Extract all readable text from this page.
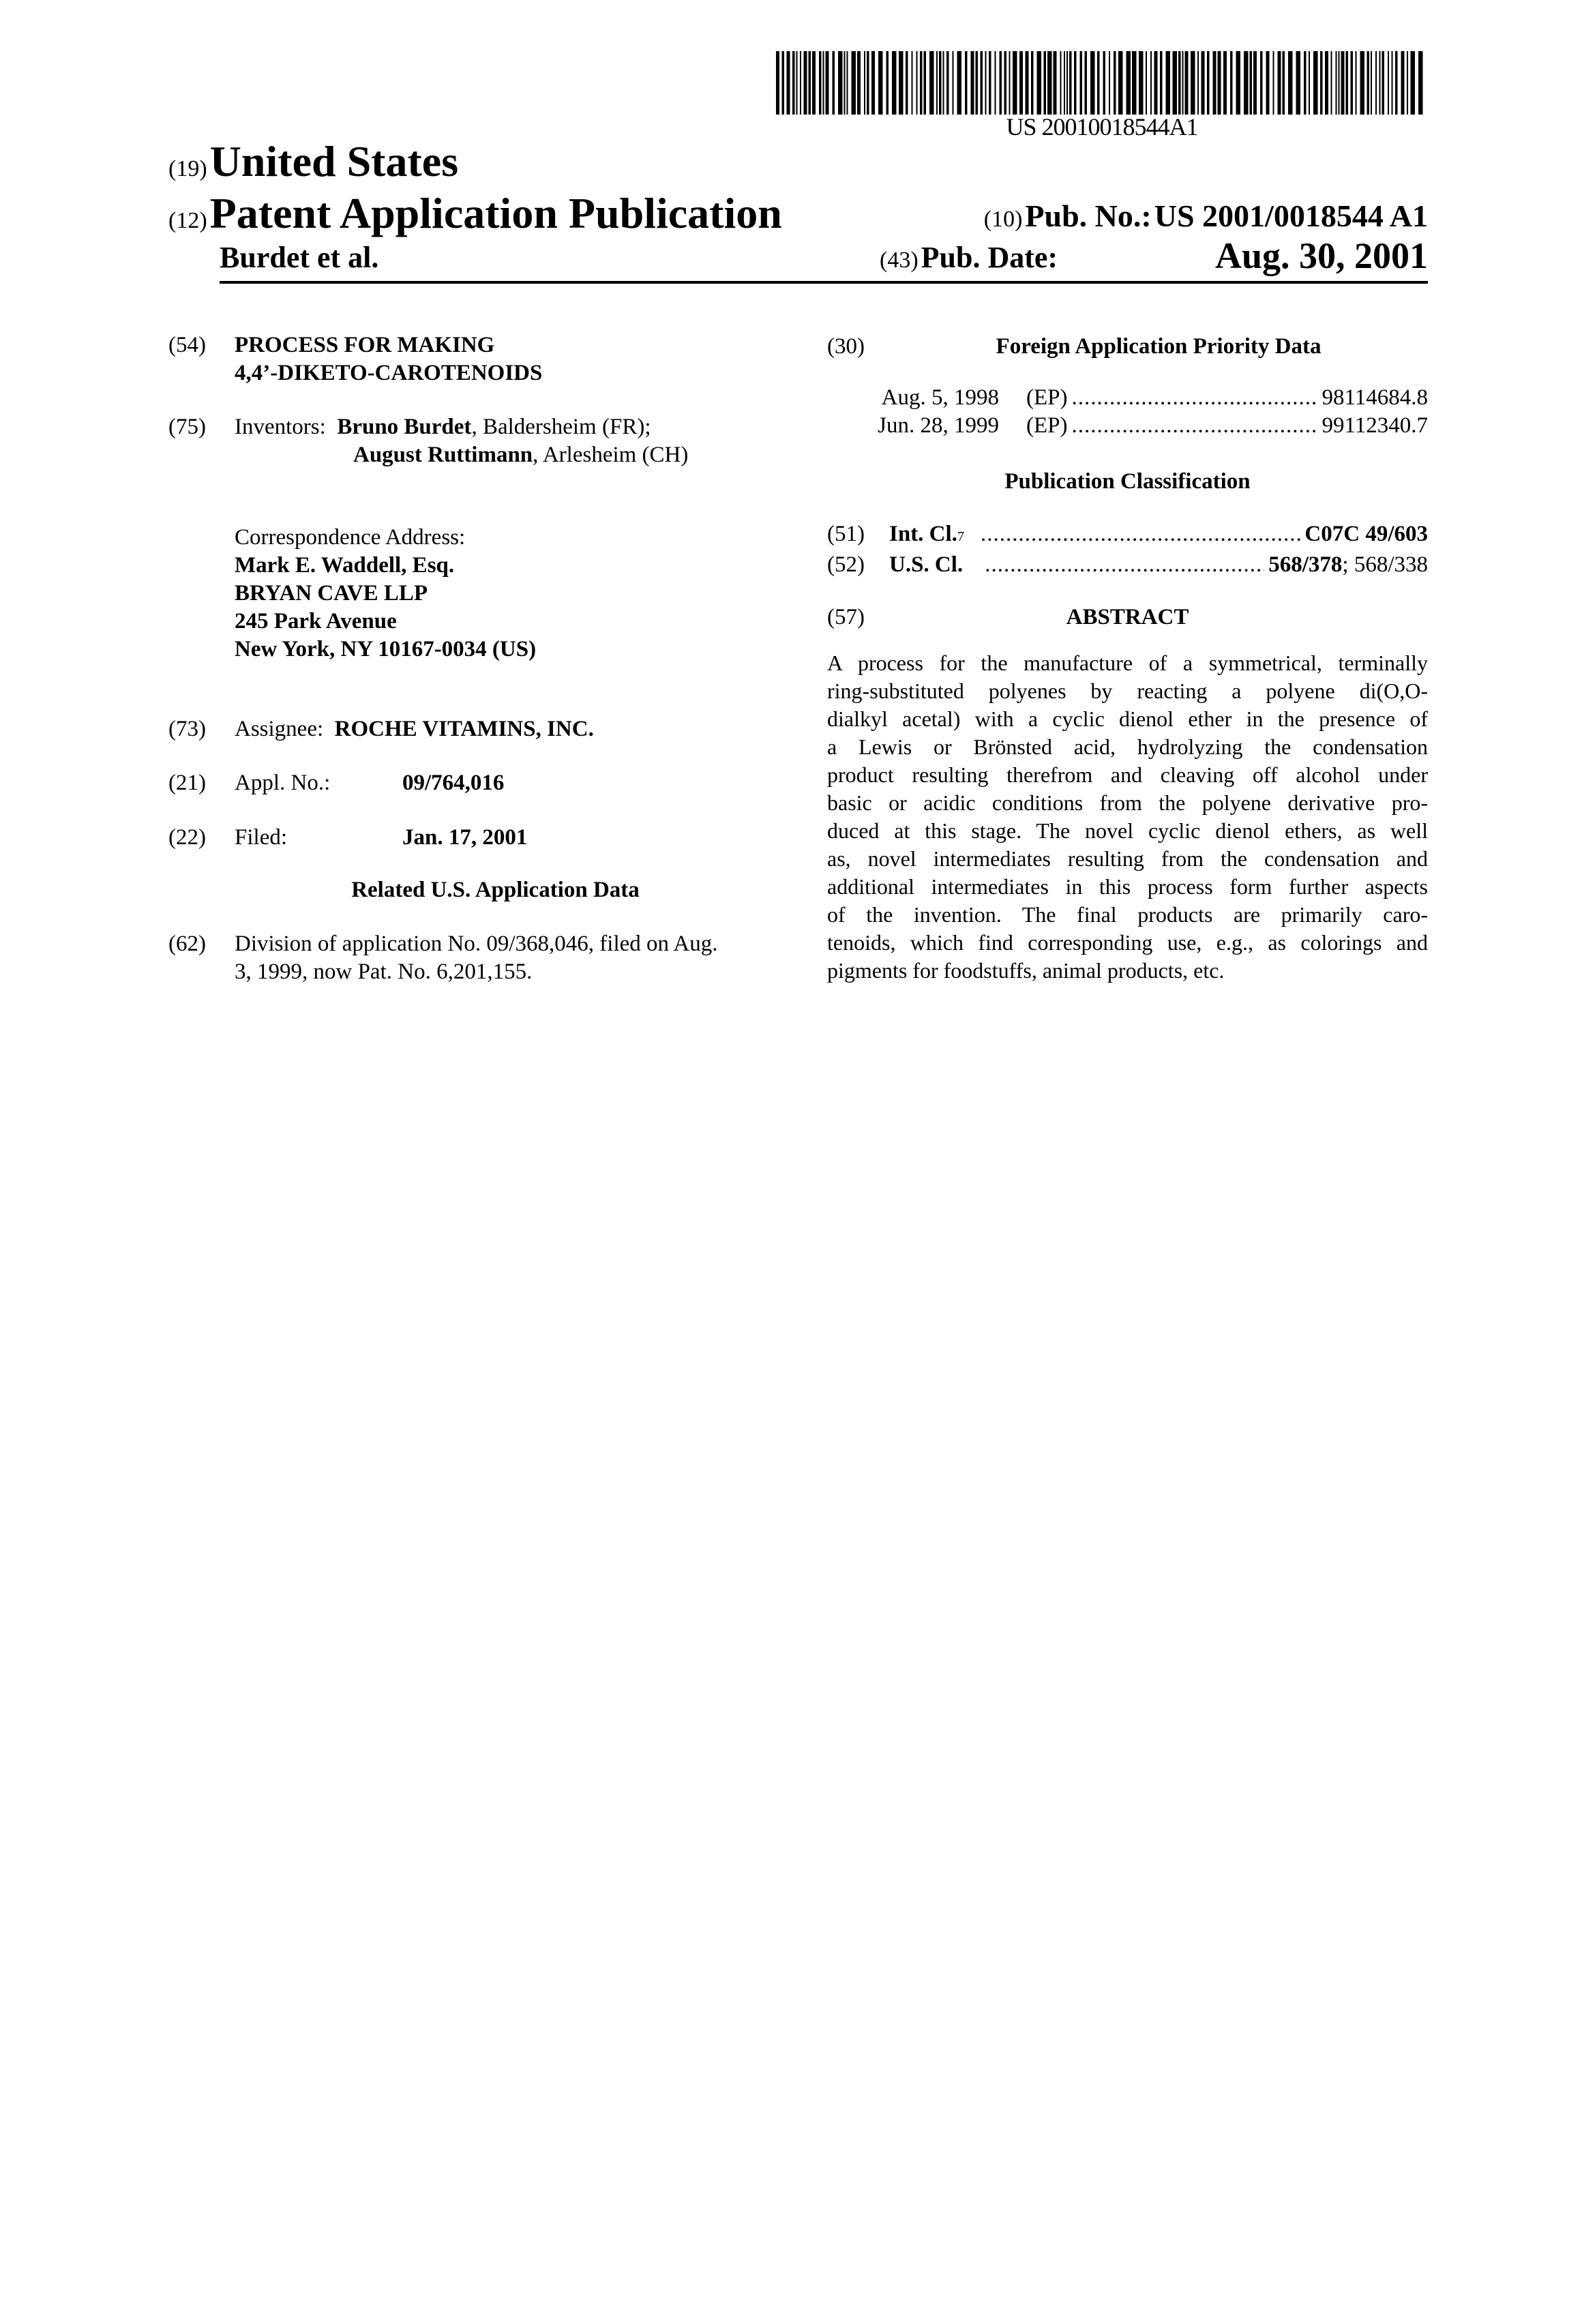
US 20010018544A1
(19) United States
(12) Patent Application Publication
Burdet et al.
(10) Pub. No.: US 2001/0018544 A1
(43) Pub. Date:	Aug. 30, 2001
(54) PROCESS FOR MAKING
4,4’-DIKETO-CAROTENOIDS
(75) Inventors: Bruno Burdet, Baldersheim (FR);
August Ruttimann, Arlesheim (CH)
Correspondence Address:
Mark E. Waddell, Esq.
BRYAN CAVE LLP
245 Park Avenue
New York, NY 10167-0034 (US)
(73) Assignee: ROCHE VITAMINS, INC.
(21) Appl. No.:	09/764,016
(22) Filed:	Jan. 17, 2001
Related U.S. Application Data
(62) Division of application No. 09/368,046, filed on Aug.
3, 1999, now Pat. No. 6,201,155.
(30)	Foreign Application Priority Data
Aug. 5, 1998 (EP)
.....	98114684.8
Jun. 28, 1999 (EP)
.....	99112340.7
Publication Classification
(51)	Int. Cl. 7
.....	C07C 49/603
(52)	U.S. Cl.
.....	568/378 ; 568/338
(57)	ABSTRACT
A process for the manufacture of a symmetrical, terminally
ring-substituted polyenes by reacting a polyene di(O,O-
dialkyl acetal) with a cyclic dienol ether in the presence of
a Lewis or Brönsted acid, hydrolyzing the condensation
product resulting therefrom and cleaving off alcohol under
basic or acidic conditions from the polyene derivative pro-
duced at this stage. The novel cyclic dienol ethers, as well
as, novel intermediates resulting from the condensation and
additional intermediates in this process form further aspects
of the invention. The final products are primarily caro-
tenoids, which find corresponding use, e.g., as colorings and
pigments for foodstuffs, animal products, etc.
